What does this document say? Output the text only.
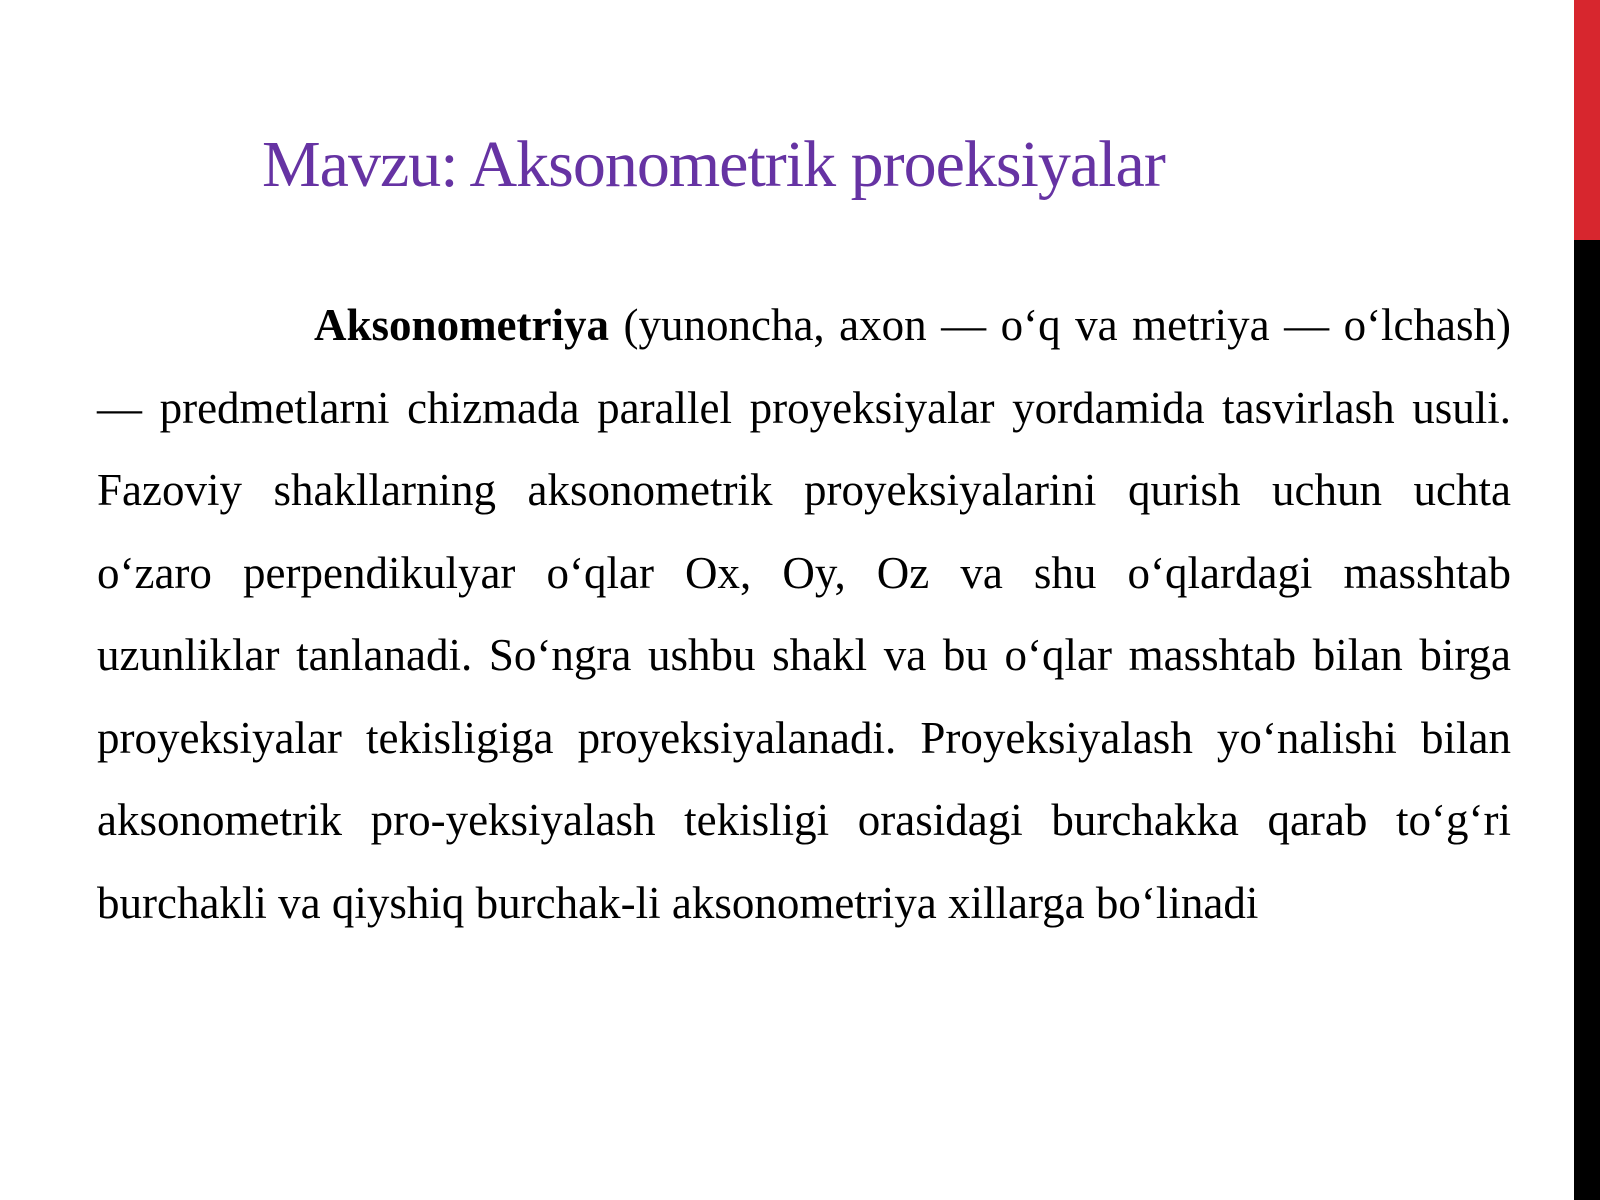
Mavzu: Aksonometrik proeksiyalar

Aksonometriya (yunoncha, axon — o‘q va metriya — o‘lchash) — predmetlarni chizmada parallel proyeksiyalar yordamida tasvirlash usuli. Fazoviy shakllarning aksonometrik proyeksiyalarini qurish uchun uchta o‘zaro perpendikulyar o‘qlar Ox, Oy, Oz va shu o‘qlardagi masshtab uzunliklar tanlanadi. So‘ngra ushbu shakl va bu o‘qlar masshtab bilan birga proyeksiyalar tekisligiga proyeksiyalanadi. Proyeksiyalash yo‘nalishi bilan aksonometrik pro-yeksiyalash tekisligi orasidagi burchakka qarab to‘g‘ri burchakli va qiyshiq burchak-li aksonometriya xillarga bo‘linadi
